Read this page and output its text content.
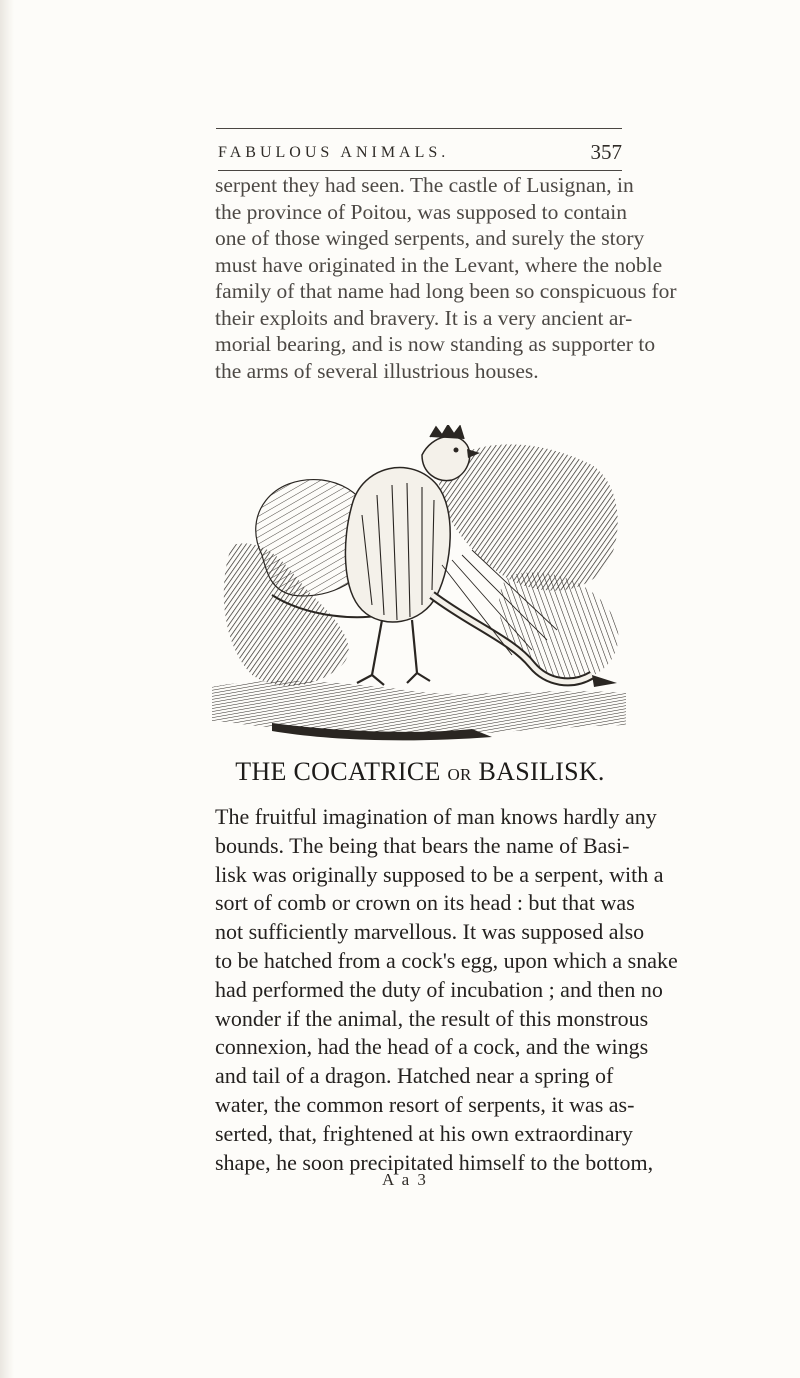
FABULOUS ANIMALS.	357
serpent they had seen. The castle of Lusignan, in
the province of Poitou, was supposed to contain
one of those winged serpents, and surely the story
must have originated in the Levant, where the noble
family of that name had long been so conspicuous for
their exploits and bravery. It is a very ancient ar-
morial bearing, and is now standing as supporter to
the arms of several illustrious houses.
THE COCATRICE OR BASILISK.
The fruitful imagination of man knows hardly any
bounds. The being that bears the name of Basi-
lisk was originally supposed to be a serpent, with a
sort of comb or crown on its head : but that was
not sufficiently marvellous. It was supposed also
to be hatched from a cock's egg, upon which a snake
had performed the duty of incubation ; and then no
wonder if the animal, the result of this monstrous
connexion, had the head of a cock, and the wings
and tail of a dragon. Hatched near a spring of
water, the common resort of serpents, it was as-
serted, that, frightened at his own extraordinary
shape, he soon precipitated himself to the bottom,
A a 3
